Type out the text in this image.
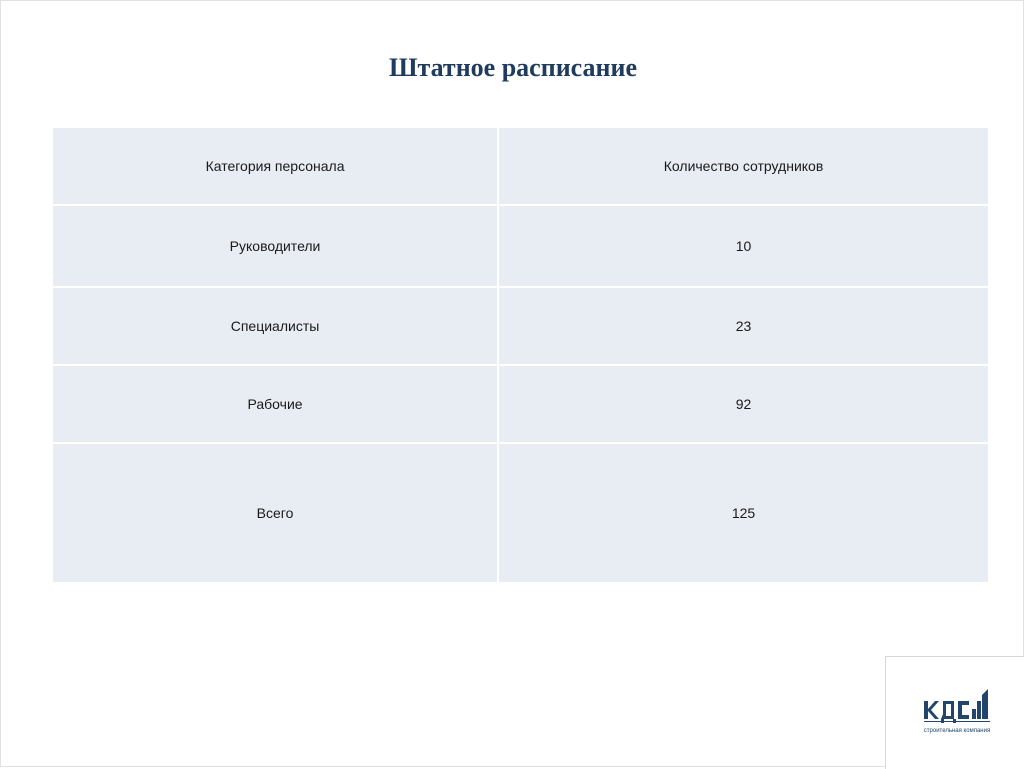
Штатное расписание
Категория персонала	Количество сотрудников
Руководители	10
Специалисты	23
Рабочие	92
Всего	125
строительная компания
